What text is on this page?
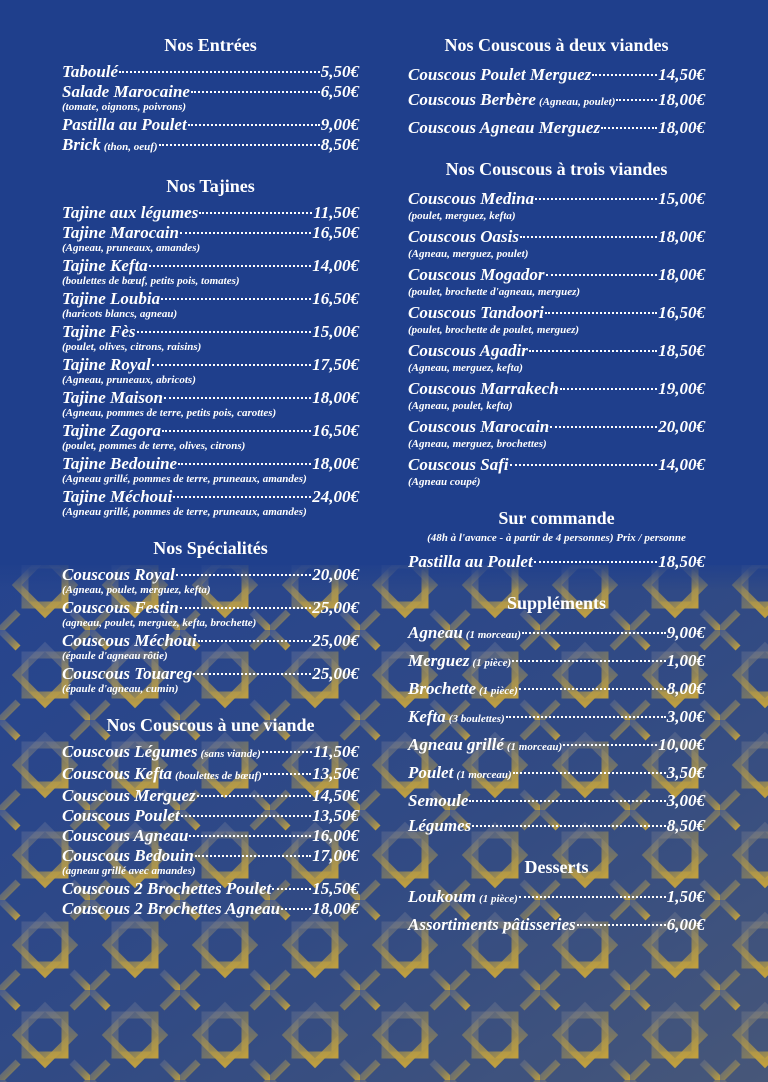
Nos Entrées
Taboulé	5,50€
Salade Marocaine	6,50€
(tomate, oignons, poivrons)
Pastilla au Poulet	9,00€
Brick (thon, oeuf)	8,50€
Nos Tajines
Tajine aux légumes	11,50€
Tajine Marocain	16,50€
(Agneau, pruneaux, amandes)
Tajine Kefta	14,00€
(boulettes de bœuf, petits pois, tomates)
Tajine Loubia	16,50€
(haricots blancs, agneau)
Tajine Fès	15,00€
(poulet, olives, citrons, raisins)
Tajine Royal	17,50€
(Agneau, pruneaux, abricots)
Tajine Maison	18,00€
(Agneau, pommes de terre, petits pois, carottes)
Tajine Zagora	16,50€
(poulet, pommes de terre, olives, citrons)
Tajine Bedouine	18,00€
(Agneau grillé, pommes de terre, pruneaux, amandes)
Tajine Méchoui	24,00€
(Agneau grillé, pommes de terre, pruneaux, amandes)
Nos Spécialités
Couscous Royal	20,00€
(Agneau, poulet, merguez, kefta)
Couscous Festin	25,00€
(agneau, poulet, merguez, kefta, brochette)
Couscous Méchoui	25,00€
(épaule d'agneau rôtie)
Couscous Touareg	25,00€
(épaule d'agneau, cumin)
Nos Couscous à une viande
Couscous Légumes (sans viande)	11,50€
Couscous Kefta (boulettes de bœuf)	13,50€
Couscous Merguez	14,50€
Couscous Poulet	13,50€
Couscous Agneau	16,00€
Couscous Bedouin	17,00€
(agneau grillé avec amandes)
Couscous 2 Brochettes Poulet 15,50€
Couscous 2 Brochettes Agneau 18,00€
Nos Couscous à deux viandes
Couscous Poulet Merguez	14,50€
Couscous Berbère (Agneau, poulet)	18,00€
Couscous Agneau Merguez	18,00€
Nos Couscous à trois viandes
Couscous Medina	15,00€
(poulet, merguez, kefta)
Couscous Oasis	18,00€
(Agneau, merguez, poulet)
Couscous Mogador	18,00€
(poulet, brochette d'agneau, merguez)
Couscous Tandoori	16,50€
(poulet, brochette de poulet, merguez)
Couscous Agadir	18,50€
(Agneau, merguez, kefta)
Couscous Marrakech	19,00€
(Agneau, poulet, kefta)
Couscous Marocain	20,00€
(Agneau, merguez, brochettes)
Couscous Safi	14,00€
(Agneau coupé)
Sur commande
(48h à l'avance - à partir de 4 personnes) Prix / personne
Pastilla au Poulet	18,50€
Suppléments
Agneau (1 morceau)	9,00€
Merguez (1 pièce)	1,00€
Brochette (1 pièce)	8,00€
Kefta (3 boulettes)	3,00€
Agneau grillé (1 morceau)	10,00€
Poulet (1 morceau)	3,50€
Semoule	3,00€
Légumes	8,50€
Desserts
Loukoum (1 pièce)	1,50€
Assortiments pâtisseries	6,00€
